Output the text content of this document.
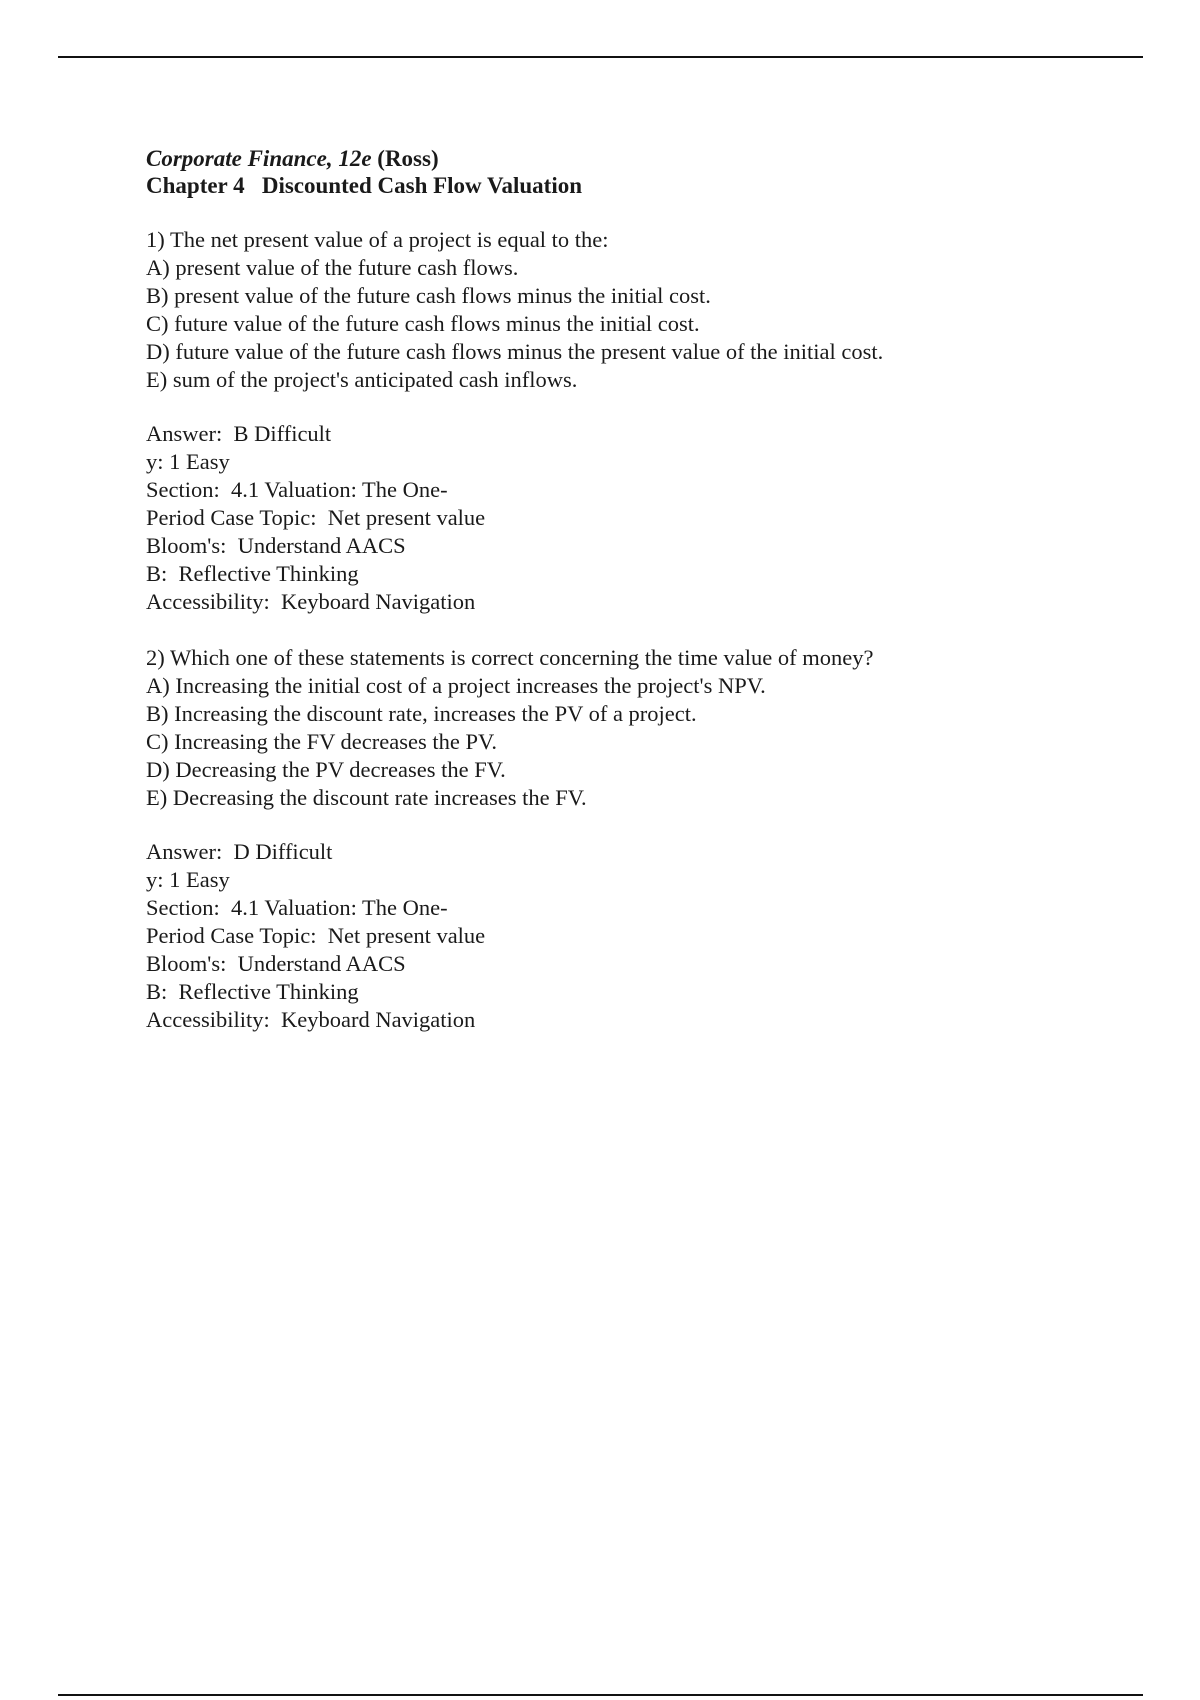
Corporate Finance, 12e (Ross)
Chapter 4 Discounted Cash Flow Valuation
1) The net present value of a project is equal to the:
A) present value of the future cash flows.
B) present value of the future cash flows minus the initial cost.
C) future value of the future cash flows minus the initial cost.
D) future value of the future cash flows minus the present value of the initial cost.
E) sum of the project's anticipated cash inflows.
Answer:  B Difficult
y: 1 Easy
Section:  4.1 Valuation: The One-
Period Case Topic:  Net present value
Bloom's:  Understand AACS
B:  Reflective Thinking
Accessibility:  Keyboard Navigation
2) Which one of these statements is correct concerning the time value of money?
A) Increasing the initial cost of a project increases the project's NPV.
B) Increasing the discount rate, increases the PV of a project.
C) Increasing the FV decreases the PV.
D) Decreasing the PV decreases the FV.
E) Decreasing the discount rate increases the FV.
Answer:  D Difficult
y: 1 Easy
Section:  4.1 Valuation: The One-
Period Case Topic:  Net present value
Bloom's:  Understand AACS
B:  Reflective Thinking
Accessibility:  Keyboard Navigation
